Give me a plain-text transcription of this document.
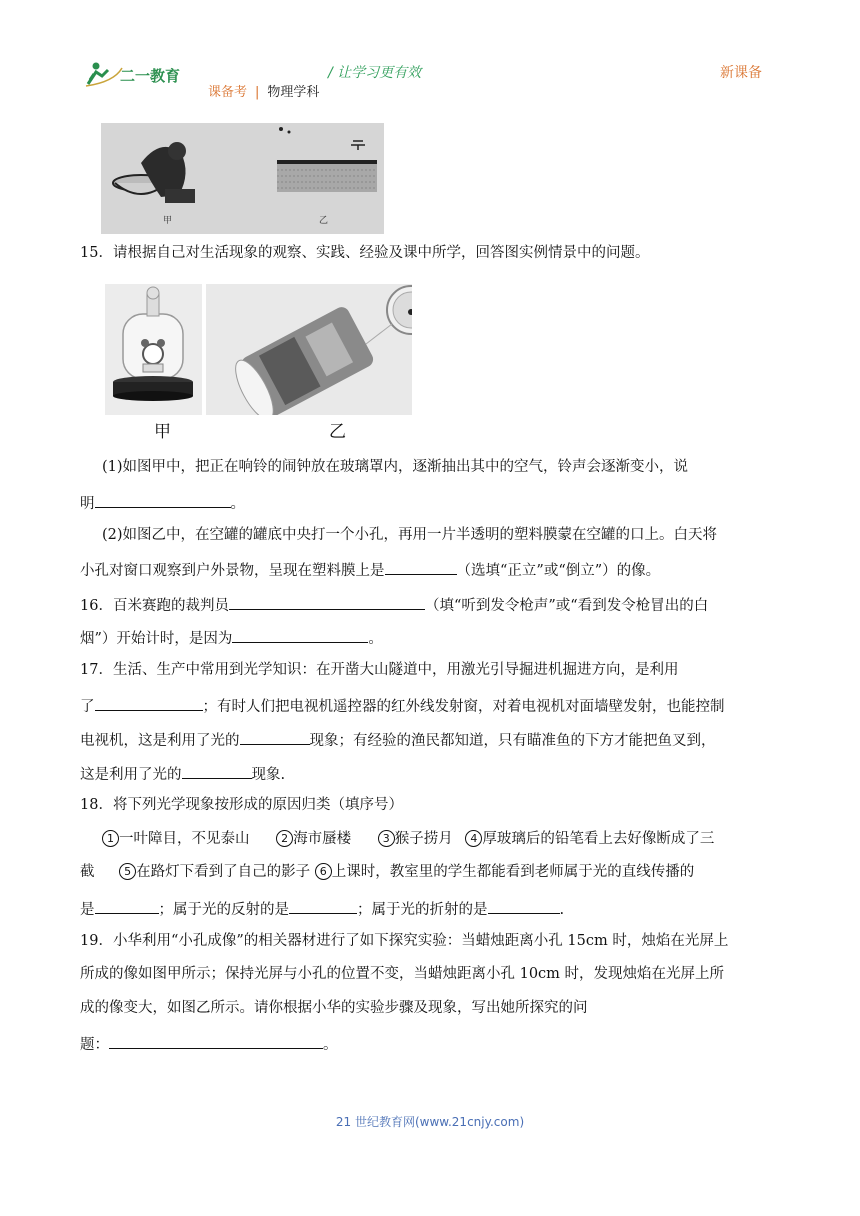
二一教育	/ 让学习更有效	新课备
课备考 | 物理学科
甲	乙
15．请根据自己对生活现象的观察、实践、经验及课中所学，回答图实例情景中的问题。
甲	乙
(1)如图甲中，把正在响铃的闹钟放在玻璃罩内，逐渐抽出其中的空气，铃声会逐渐变小，说
明	。
(2)如图乙中，在空罐的罐底中央打一个小孔，再用一片半透明的塑料膜蒙在空罐的口上。白天将
小孔对窗口观察到户外景物，呈现在塑料膜上是	（选填“正立”或“倒立”）的像。
16．百米赛跑的裁判员	（填“听到发令枪声”或“看到发令枪冒出的白
烟”）开始计时，是因为	。
17．生活、生产中常用到光学知识：在开凿大山隧道中，用激光引导掘进机掘进方向，是利用
了	；有时人们把电视机遥控器的红外线发射窗，对着电视机对面墙壁发射，也能控制
电视机，这是利用了光的	现象；有经验的渔民都知道，只有瞄准鱼的下方才能把鱼叉到，
这是利用了光的	现象.
18．将下列光学现象按形成的原因归类（填序号）
1 一叶障目，不见泰山	2 海市蜃楼	3 猴子捞月 4 厚玻璃后的铅笔看上去好像断成了三
截	5 在路灯下看到了自己的影子 6 上课时，教室里的学生都能看到老师属于光的直线传播的
是	；属于光的反射的是	；属于光的折射的是	.
19．小华利用“小孔成像”的相关器材进行了如下探究实验：当蜡烛距离小孔 15cm 时，烛焰在光屏上
所成的像如图甲所示；保持光屏与小孔的位置不变，当蜡烛距离小孔 10cm 时，发现烛焰在光屏上所
成的像变大，如图乙所示。请你根据小华的实验步骤及现象，写出她所探究的问
题：	。
21 世纪教育网(www.21cnjy.com)
